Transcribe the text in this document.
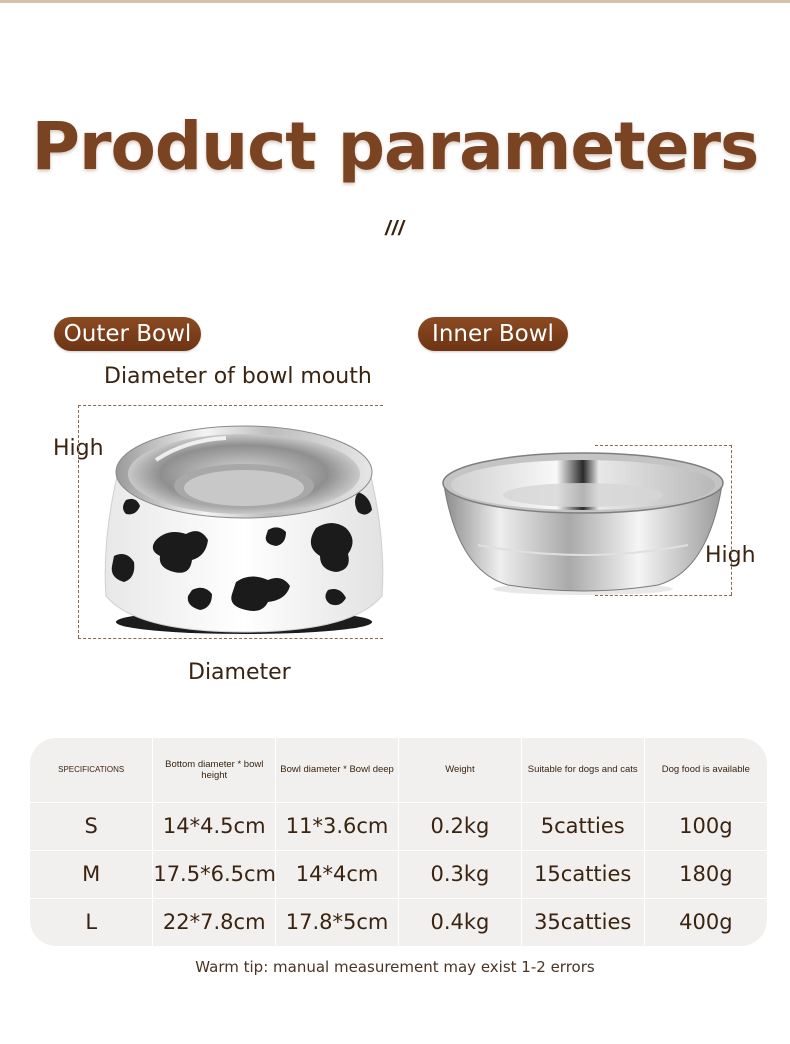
Product parameters
///
Outer Bowl	Inner Bowl
Diameter of bowl mouth
High
Diameter
High
SPECIFICATIONS	Bottom diameter * bowl height	Bowl diameter * Bowl deep	Weight	Suitable for dogs and cats	Dog food is available
S	14*4.5cm	11*3.6cm	0.2kg	5catties	100g
M	17.5*6.5cm	14*4cm	0.3kg	15catties	180g
L	22*7.8cm	17.8*5cm	0.4kg	35catties	400g
Warm tip: manual measurement may exist 1-2 errors
